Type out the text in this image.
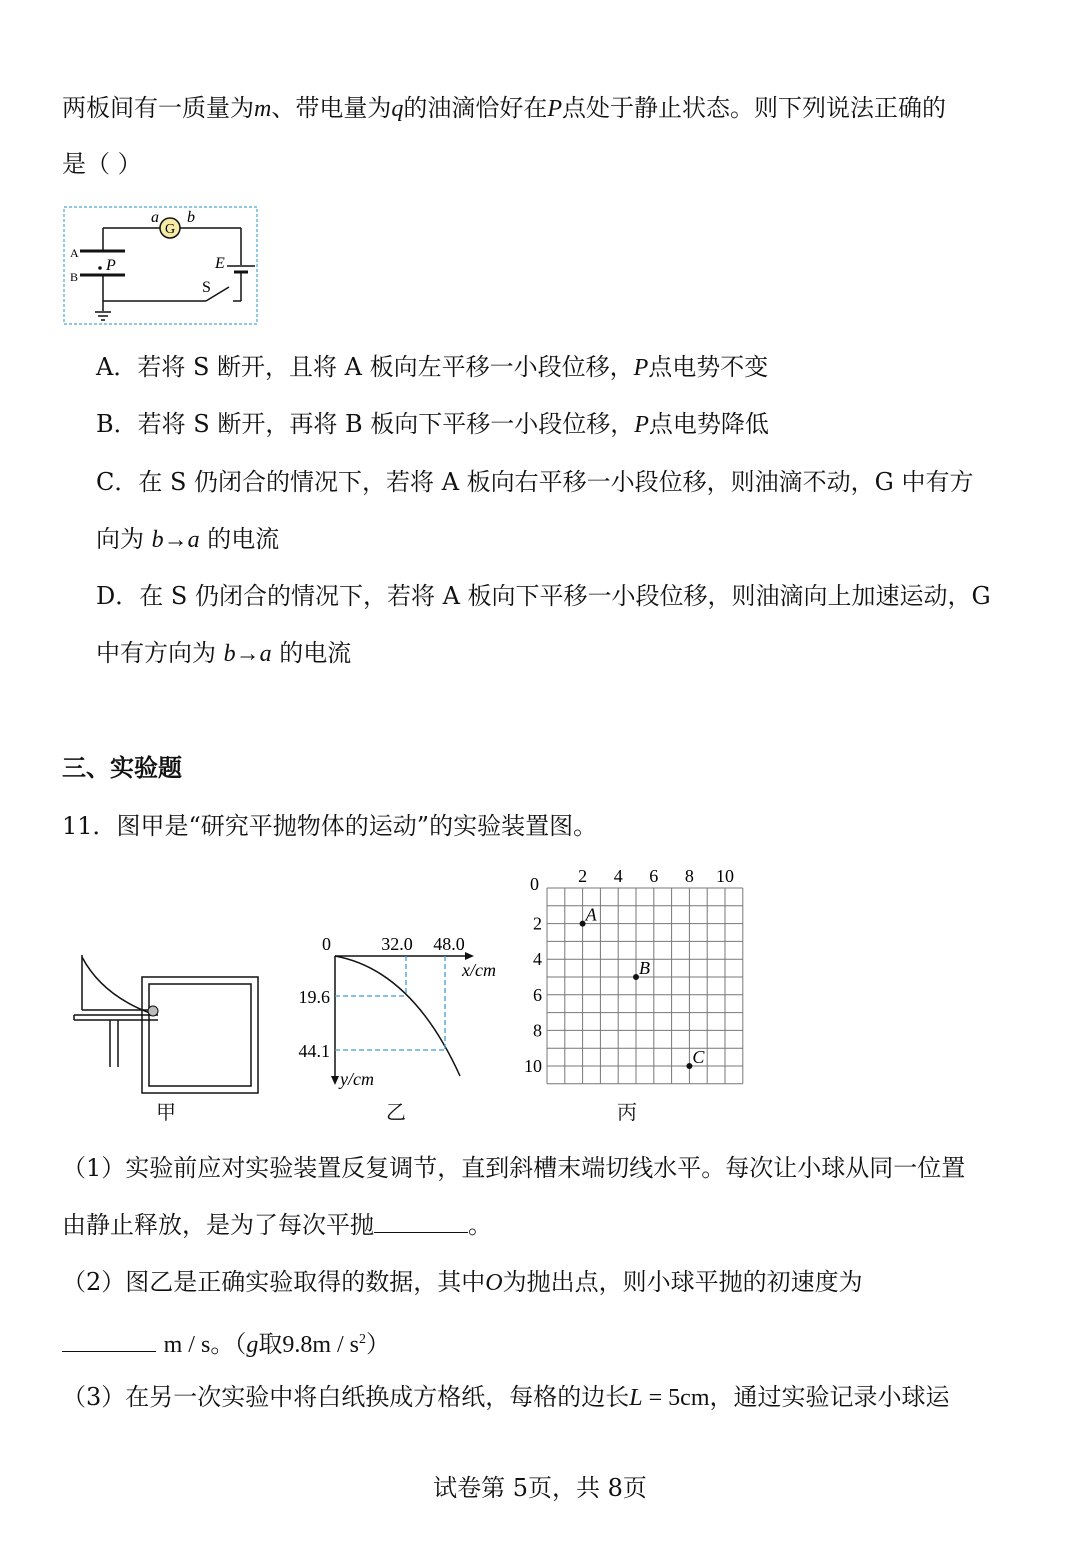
两板间有一质量为m、带电量为q的油滴恰好在P点处于静止状态。则下列说法正确的
是（ ）
G
a b
A
B
P
S
E
A．若将 S 断开，且将 A 板向左平移一小段位移，P点电势不变
B．若将 S 断开，再将 B 板向下平移一小段位移，P点电势降低
C．在 S 仍闭合的情况下，若将 A 板向右平移一小段位移，则油滴不动，G 中有方
向为 b→a 的电流
D．在 S 仍闭合的情况下，若将 A 板向下平移一小段位移，则油滴向上加速运动，G
中有方向为 b→a 的电流
三、实验题
11．图甲是“研究平抛物体的运动”的实验装置图。
甲
0	32.0 48.0
x/cm
19.6
44.1
y/cm
乙
0 2 4 6 8 10
2
4
6
8
10
A
B
C
丙
（1）实验前应对实验装置反复调节，直到斜槽末端切线水平。每次让小球从同一位置
由静止释放，是为了每次平抛	。
（2）图乙是正确实验取得的数据，其中O为抛出点，则小球平抛的初速度为
m / s。（g取$9.8m / s^2$）
（3）在另一次实验中将白纸换成方格纸，每格的边长L = 5cm，通过实验记录小球运
试卷第 5页，共 8页
